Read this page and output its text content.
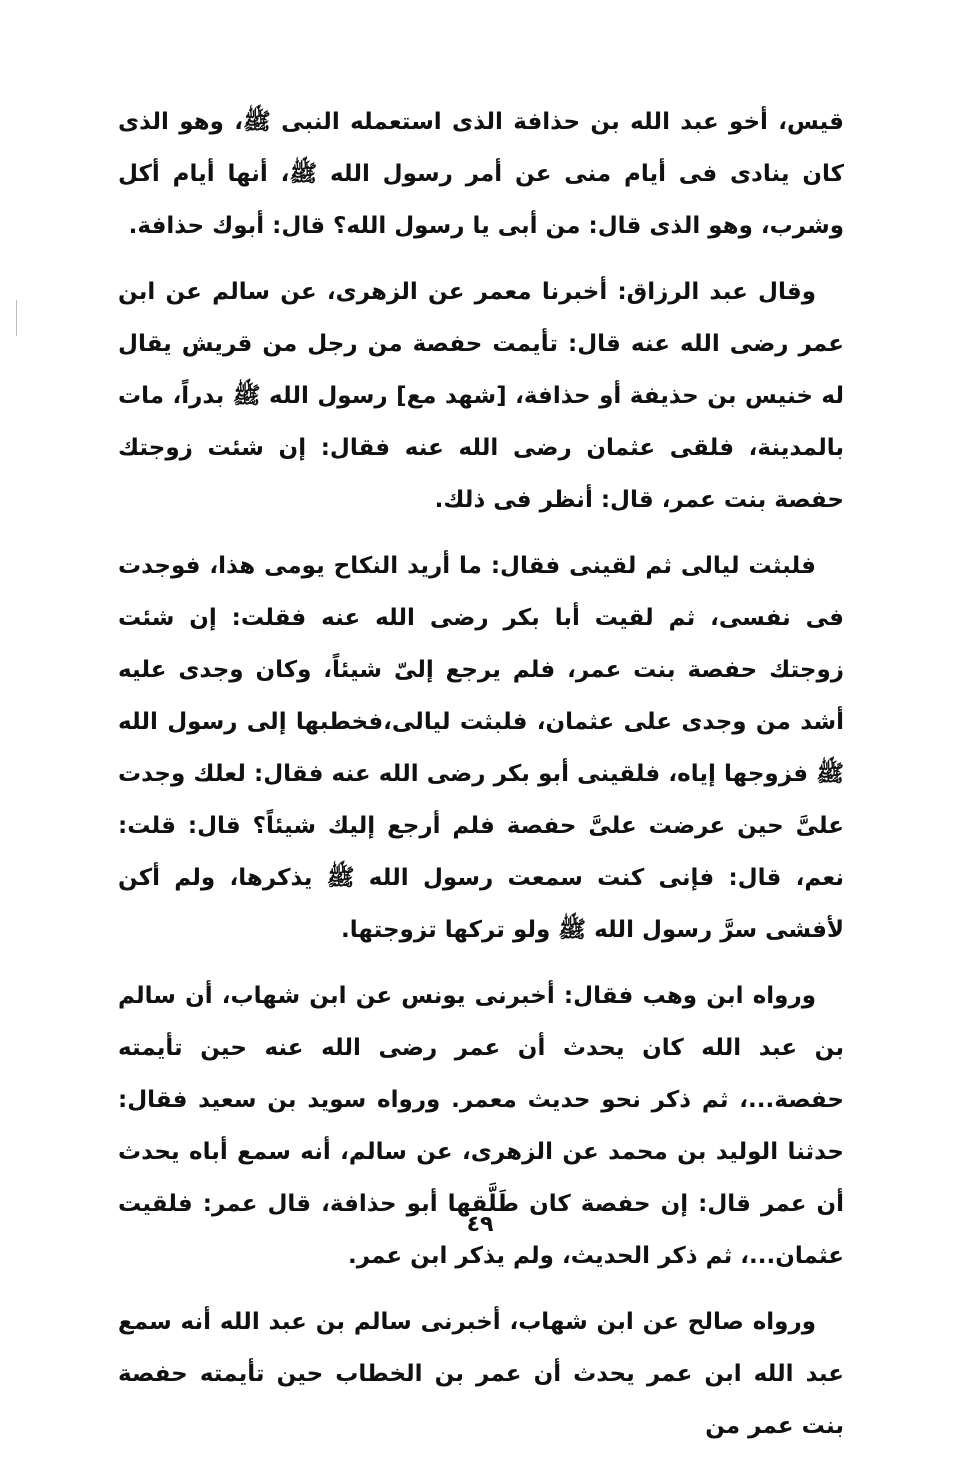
قيس، أخو عبد الله بن حذافة الذى استعمله النبى ﷺ، وهو الذى كان ينادى فى أيام منى عن أمر رسول الله ﷺ، أنها أيام أكل وشرب، وهو الذى قال: من أبى يا رسول الله؟ قال: أبوك حذافة.

وقال عبد الرزاق: أخبرنا معمر عن الزهرى، عن سالم عن ابن عمر رضى الله عنه قال: تأيمت حفصة من رجل من قريش يقال له خنيس بن حذيفة أو حذافة، [شهد مع] رسول الله ﷺ بدراً، مات بالمدينة، فلقى عثمان رضى الله عنه فقال: إن شئت زوجتك حفصة بنت عمر، قال: أنظر فى ذلك.

فلبثت ليالى ثم لقينى فقال: ما أريد النكاح يومى هذا، فوجدت فى نفسى، ثم لقيت أبا بكر رضى الله عنه فقلت: إن شئت زوجتك حفصة بنت عمر، فلم يرجع إلىّ شيئاً، وكان وجدى عليه أشد من وجدى على عثمان، فلبثت ليالى،فخطبها إلى رسول الله ﷺ فزوجها إياه، فلقينى أبو بكر رضى الله عنه فقال: لعلك وجدت علىَّ حين عرضت علىَّ حفصة فلم أرجع إليك شيئاً؟ قال: قلت: نعم، قال: فإنى كنت سمعت رسول الله ﷺ يذكرها، ولم أكن لأفشى سرَّ رسول الله ﷺ ولو تركها تزوجتها.

ورواه ابن وهب فقال: أخبرنى يونس عن ابن شهاب، أن سالم بن عبد الله كان يحدث أن عمر رضى الله عنه حين تأيمته حفصة...، ثم ذكر نحو حديث معمر. ورواه سويد بن سعيد فقال: حدثنا الوليد بن محمد عن الزهرى، عن سالم، أنه سمع أباه يحدث أن عمر قال: إن حفصة كان طَلَّقها أبو حذافة، قال عمر: فلقيت عثمان...، ثم ذكر الحديث، ولم يذكر ابن عمر.

ورواه صالح عن ابن شهاب، أخبرنى سالم بن عبد الله أنه سمع عبد الله ابن عمر يحدث أن عمر بن الخطاب حين تأيمته حفصة بنت عمر من

٤٩
